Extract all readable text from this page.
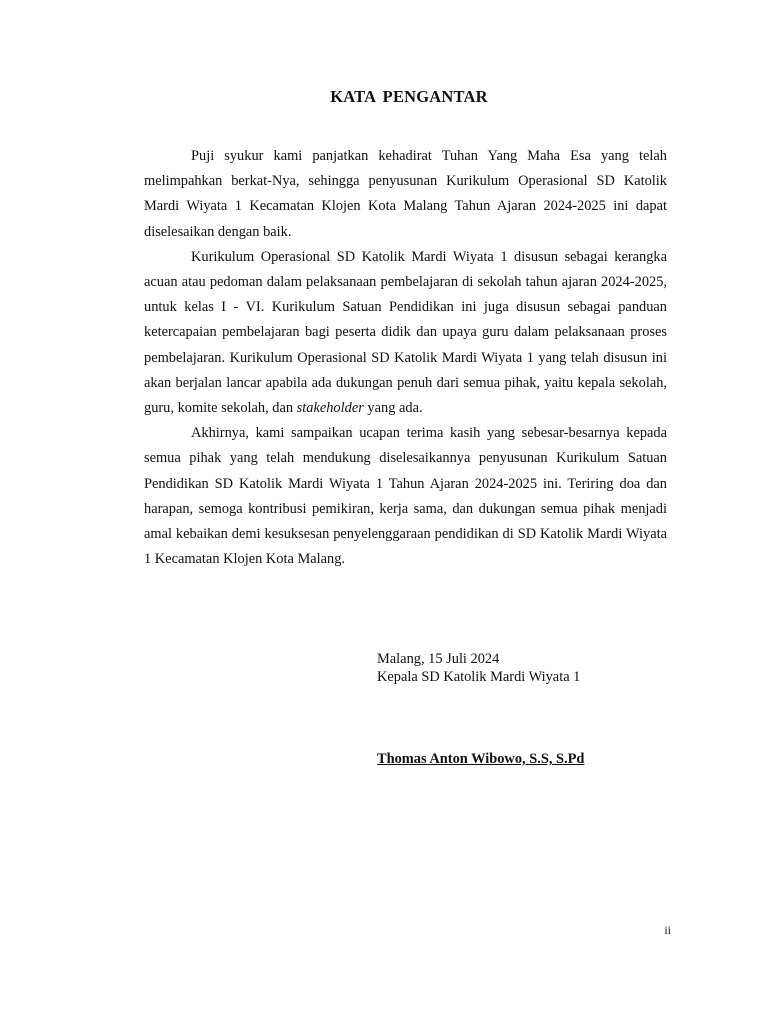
KATA PENGANTAR

Puji syukur kami panjatkan kehadirat Tuhan Yang Maha Esa yang telah melimpahkan berkat-Nya, sehingga penyusunan Kurikulum Operasional SD Katolik Mardi Wiyata 1 Kecamatan Klojen Kota Malang Tahun Ajaran 2024-2025 ini dapat diselesaikan dengan baik.

Kurikulum Operasional SD Katolik Mardi Wiyata 1 disusun sebagai kerangka acuan atau pedoman dalam pelaksanaan pembelajaran di sekolah tahun ajaran 2024-2025, untuk kelas I - VI. Kurikulum Satuan Pendidikan ini juga disusun sebagai panduan ketercapaian pembelajaran bagi peserta didik dan upaya guru dalam pelaksanaan proses pembelajaran. Kurikulum Operasional SD Katolik Mardi Wiyata 1 yang telah disusun ini akan berjalan lancar apabila ada dukungan penuh dari semua pihak, yaitu kepala sekolah, guru, komite sekolah, dan stakeholder yang ada.

Akhirnya, kami sampaikan ucapan terima kasih yang sebesar-besarnya kepada semua pihak yang telah mendukung diselesaikannya penyusunan Kurikulum Satuan Pendidikan SD Katolik Mardi Wiyata 1 Tahun Ajaran 2024-2025 ini. Teriring doa dan harapan, semoga kontribusi pemikiran, kerja sama, dan dukungan semua pihak menjadi amal kebaikan demi kesuksesan penyelenggaraan pendidikan di SD Katolik Mardi Wiyata 1 Kecamatan Klojen Kota Malang.

Malang, 15 Juli 2024
Kepala SD Katolik Mardi Wiyata 1
Thomas Anton Wibowo, S.S, S.Pd
ii
